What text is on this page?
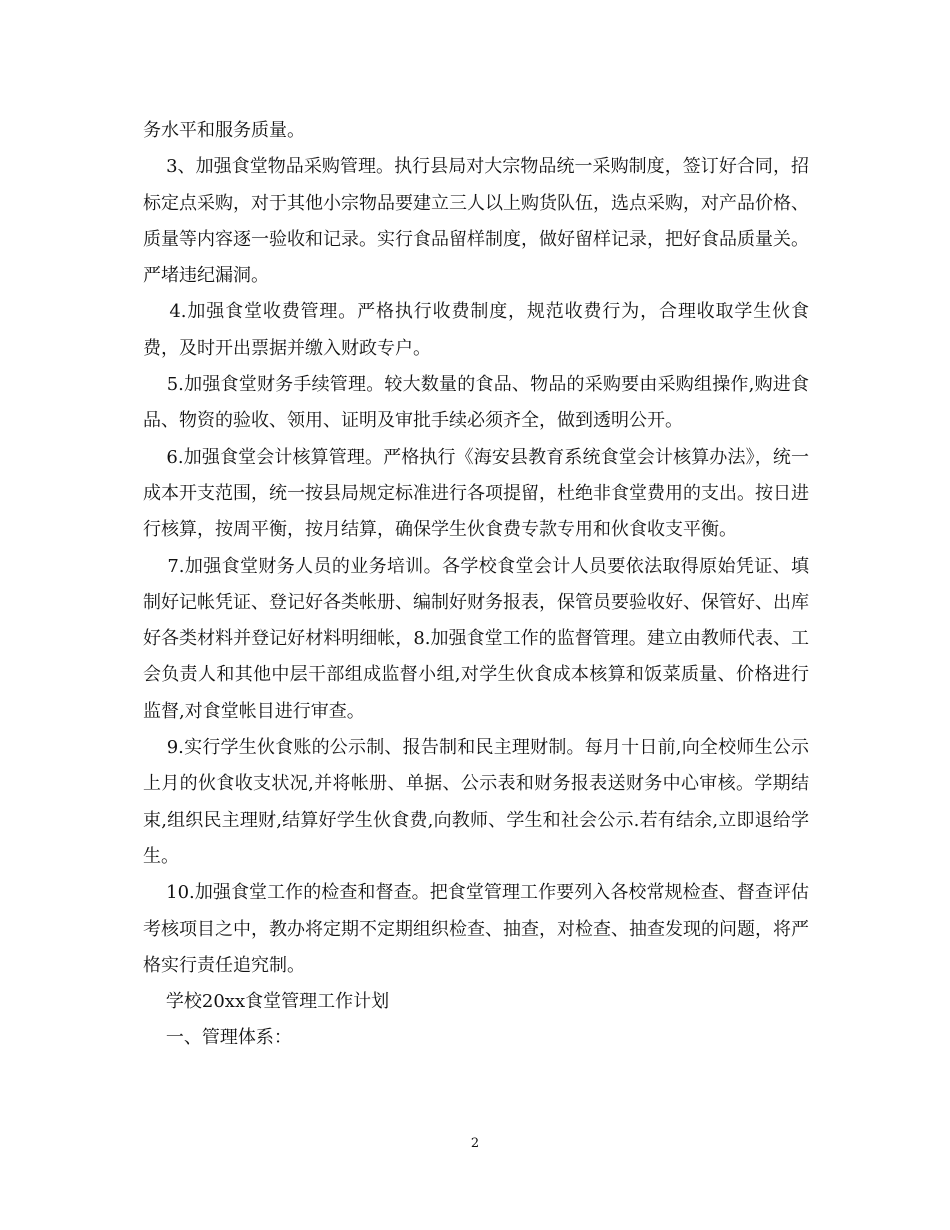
务水平和服务质量。

3、加强食堂物品采购管理。执行县局对大宗物品统一采购制度，签订好合同，招标定点采购，对于其他小宗物品要建立三人以上购货队伍，选点采购，对产品价格、质量等内容逐一验收和记录。实行食品留样制度，做好留样记录，把好食品质量关。严堵违纪漏洞。

4.加强食堂收费管理。严格执行收费制度，规范收费行为，合理收取学生伙食费，及时开出票据并缴入财政专户。

5.加强食堂财务手续管理。较大数量的食品、物品的采购要由采购组操作,购进食品、物资的验收、领用、证明及审批手续必须齐全，做到透明公开。

6.加强食堂会计核算管理。严格执行《海安县教育系统食堂会计核算办法》，统一成本开支范围，统一按县局规定标准进行各项提留，杜绝非食堂费用的支出。按日进行核算，按周平衡，按月结算，确保学生伙食费专款专用和伙食收支平衡。

7.加强食堂财务人员的业务培训。各学校食堂会计人员要依法取得原始凭证、填制好记帐凭证、登记好各类帐册、编制好财务报表，保管员要验收好、保管好、出库好各类材料并登记好材料明细帐，8.加强食堂工作的监督管理。建立由教师代表、工会负责人和其他中层干部组成监督小组,对学生伙食成本核算和饭菜质量、价格进行监督,对食堂帐目进行审查。

9.实行学生伙食账的公示制、报告制和民主理财制。每月十日前,向全校师生公示上月的伙食收支状况,并将帐册、单据、公示表和财务报表送财务中心审核。学期结束,组织民主理财,结算好学生伙食费,向教师、学生和社会公示.若有结余,立即退给学生。

10.加强食堂工作的检查和督查。把食堂管理工作要列入各校常规检查、督查评估考核项目之中，教办将定期不定期组织检查、抽查，对检查、抽查发现的问题，将严格实行责任追究制。

学校20xx食堂管理工作计划

一、管理体系：

2
